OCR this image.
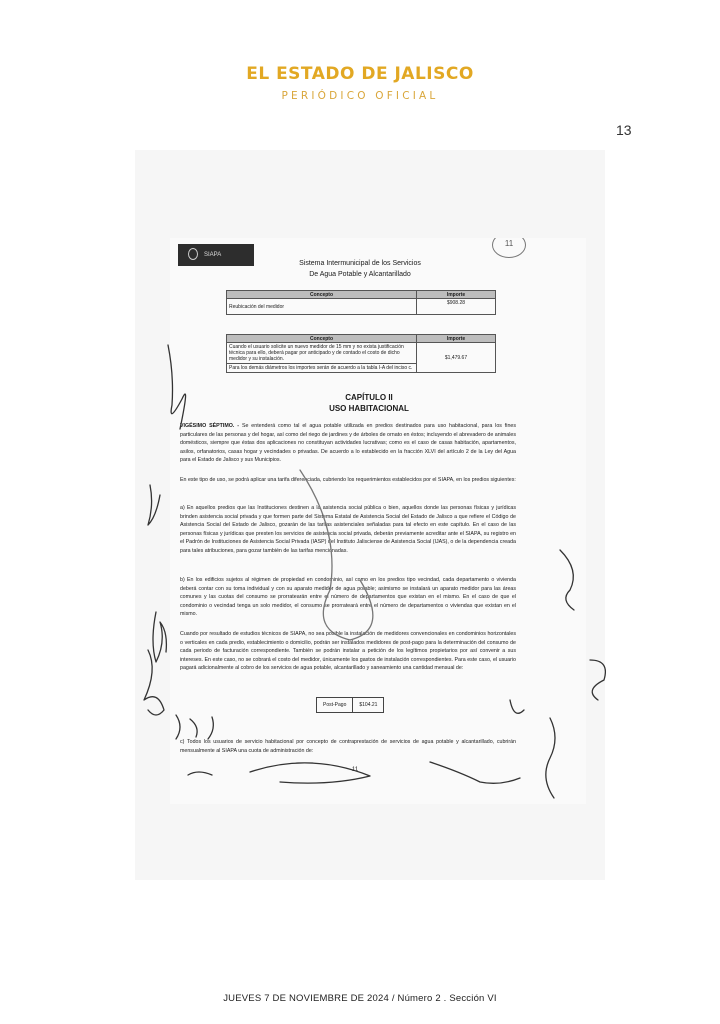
EL ESTADO DE JALISCO
PERIÓDICO OFICIAL
13
SIAPA
11
Sistema Intermunicipal de los Servicios
De Agua Potable y Alcantarillado
Concepto	Importe
Reubicación del medidor	$908.28
Concepto	Importe
Cuando el usuario solicite un nuevo medidor de 15 mm y no exista justificación técnica para ello, deberá pagar por anticipado y de contado el costo de dicho medidor y su instalación.	$1,479.67
Para los demás diámetros los importes serán de acuerdo a la tabla I-A del inciso c.	
CAPÍTULO II
USO HABITACIONAL
VIGÉSIMO SÉPTIMO. - Se entenderá como tal el agua potable utilizada en predios destinados para uso habitacional, para los fines particulares de las personas y del hogar, así como del riego de jardines y de árboles de ornato en éstos; incluyendo el abrevadero de animales domésticos, siempre que éstas dos aplicaciones no constituyan actividades lucrativas; como es el caso de casas habitación, apartamentos, asilos, orfanatorios, casas hogar y vecindades o privadas. De acuerdo a lo establecido en la fracción XLVI del artículo 2 de la Ley del Agua para el Estado de Jalisco y sus Municipios.
En este tipo de uso, se podrá aplicar una tarifa diferenciada, cubriendo los requerimientos establecidos por el SIAPA, en los predios siguientes:
a) En aquellos predios que las Instituciones destinen a la asistencia social pública o bien, aquellos donde las personas físicas y jurídicas brinden asistencia social privada y que formen parte del Sistema Estatal de Asistencia Social del Estado de Jalisco a que refiere el Código de Asistencia Social del Estado de Jalisco, gozarán de las tarifas asistenciales señaladas para tal efecto en este capítulo. En el caso de las personas físicas y jurídicas que presten los servicios de asistencia social privada, deberán previamente acreditar ante el SIAPA, su registro en el Padrón de Instituciones de Asistencia Social Privada (IASP) del Instituto Jalisciense de Asistencia Social (IJAS), o de la dependencia creada para tales atribuciones, para gozar también de las tarifas mencionadas.
b) En los edificios sujetos al régimen de propiedad en condominio, así como en los predios tipo vecindad, cada departamento o vivienda deberá contar con su toma individual y con su aparato medidor de agua potable; asimismo se instalará un aparato medidor para las áreas comunes y las cuotas del consumo se prorratearán entre el número de departamentos que existan en el mismo. En el caso de que el condominio o vecindad tenga un solo medidor, el consumo se prorrateará entre el número de departamentos o viviendas que existan en el mismo.
Cuando por resultado de estudios técnicos de SIAPA, no sea posible la instalación de medidores convencionales en condominios horizontales o verticales en cada predio, establecimiento o domicilio, podrán ser instalados medidores de post-pago para la determinación del consumo de cada periodo de facturación correspondiente. También se podrán instalar a petición de los legítimos propietarios por así convenir a sus intereses. En este caso, no se cobrará el costo del medidor, únicamente los gastos de instalación correspondientes. Para este caso, el usuario pagará adicionalmente al cobro de los servicios de agua potable, alcantarillado y saneamiento una cantidad mensual de:
Post-Pago	$104.21
c) Todos los usuarios de servicio habitacional por concepto de contraprestación de servicios de agua potable y alcantarillado, cubrirán mensualmente al SIAPA una cuota de administración de:
11
JUEVES 7 DE NOVIEMBRE DE 2024 / Número 2 . Sección VI
